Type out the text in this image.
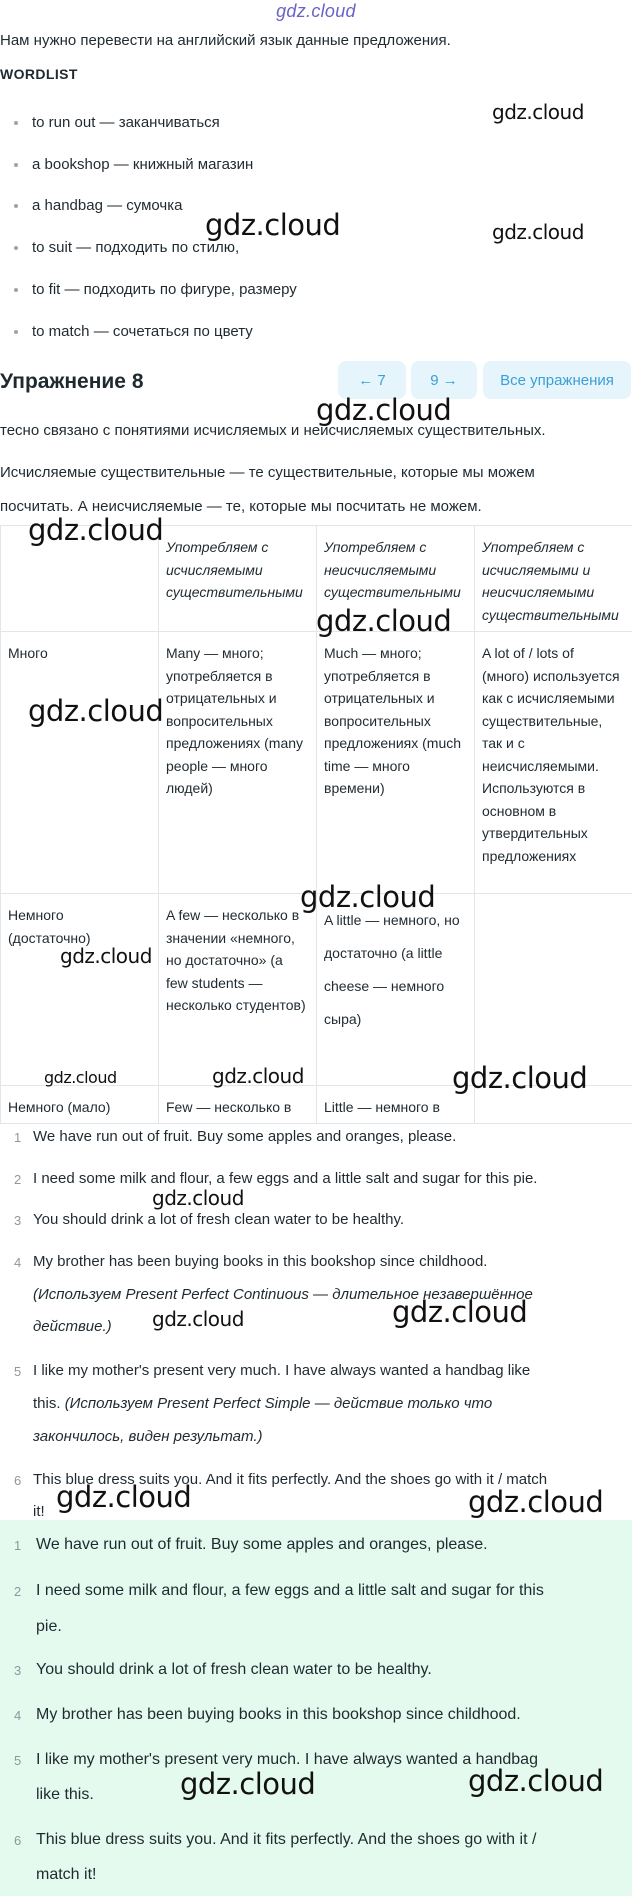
gdz.cloud
Нам нужно перевести на английский язык данные предложения.
WORDLIST
to run out — заканчиваться
a bookshop — книжный магазин
a handbag — сумочка
to suit — подходить по стилю,
to fit — подходить по фигуре, размеру
to match — сочетаться по цвету
Упражнение 8	← 7	9 →	Все упражнения
тесно связано с понятиями исчисляемых и неисчисляемых существительных.
Исчисляемые существительные — те существительные, которые мы можем
посчитать. А неисчисляемые — те, которые мы посчитать не можем.
	Употребляем с исчисляемыми существительными	Употребляем с неисчисляемыми существительными	Употребляем с исчисляемыми и неисчисляемыми существительными
Много	Many — много; употребляется в отрицательных и вопросительных предложениях (many people — много людей)	Much — много; употребляется в отрицательных и вопросительных предложениях (much time — много времени)	A lot of / lots of (много) используется как с исчисляемыми существительные, так и с неисчисляемыми. Используются в основном в утвердительных предложениях
Немного (достаточно)	A few — несколько в значении «немного, но достаточно» (a few students — несколько студентов)	A little — немного, но достаточно (a little cheese — немного сыра)	
Немного (мало)	Few — несколько в	Little — немного в	
1 We have run out of fruit. Buy some apples and oranges, please.
2 I need some milk and flour, a few eggs and a little salt and sugar for this pie.
3 You should drink a lot of fresh clean water to be healthy.
4 My brother has been buying books in this bookshop since childhood.
(Используем Present Perfect Continuous — длительное незавершённое
действие.)
5 I like my mother's present very much. I have always wanted a handbag like
this. (Используем Present Perfect Simple — действие только что
закончилось, виден результат.)
6 This blue dress suits you. And it fits perfectly. And the shoes go with it / match
it!
1 We have run out of fruit. Buy some apples and oranges, please.
2 I need some milk and flour, a few eggs and a little salt and sugar for this
pie.
3 You should drink a lot of fresh clean water to be healthy.
4 My brother has been buying books in this bookshop since childhood.
5 I like my mother's present very much. I have always wanted a handbag
like this.
6 This blue dress suits you. And it fits perfectly. And the shoes go with it /
match it!
gdz.cloud
gdz.cloud
gdz.cloud
gdz.cloud
gdz.cloud
gdz.cloud
gdz.cloud
gdz.cloud
gdz.cloud
gdz.cloud	gdz.cloud	gdz.cloud
gdz.cloud
gdz.cloud	gdz.cloud
gdz.cloud	gdz.cloud
gdz.cloud	gdz.cloud
